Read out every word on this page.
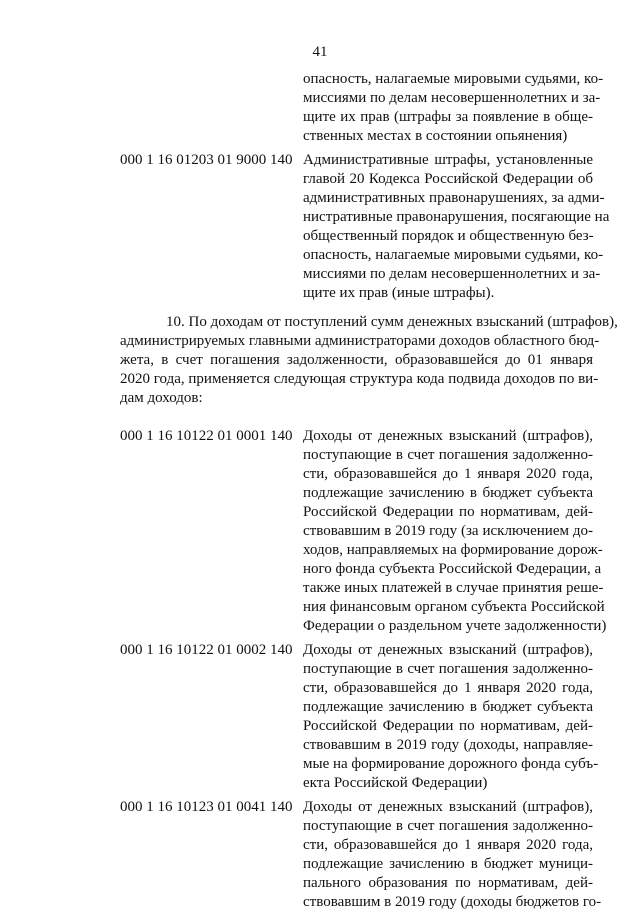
41
опасность, налагаемые мировыми судьями, ко-
миссиями по делам несовершеннолетних и за-
щите их прав (штрафы за появление в обще-
ственных местах в состоянии опьянения)
000 1 16 01203 01 9000 140 Административные штрафы, установленные
главой 20 Кодекса Российской Федерации об
административных правонарушениях, за адми-
нистративные правонарушения, посягающие на
общественный порядок и общественную без-
опасность, налагаемые мировыми судьями, ко-
миссиями по делам несовершеннолетних и за-
щите их прав (иные штрафы).
10. По доходам от поступлений сумм денежных взысканий (штрафов),
администрируемых главными администраторами доходов областного бюд-
жета, в счет погашения задолженности, образовавшейся до 01 января
2020 года, применяется следующая структура кода подвида доходов по ви-
дам доходов:
000 1 16 10122 01 0001 140 Доходы от денежных взысканий (штрафов),
поступающие в счет погашения задолженно-
сти, образовавшейся до 1 января 2020 года,
подлежащие зачислению в бюджет субъекта
Российской Федерации по нормативам, дей-
ствовавшим в 2019 году (за исключением до-
ходов, направляемых на формирование дорож-
ного фонда субъекта Российской Федерации, а
также иных платежей в случае принятия реше-
ния финансовым органом субъекта Российской
Федерации о раздельном учете задолженности)
000 1 16 10122 01 0002 140 Доходы от денежных взысканий (штрафов),
поступающие в счет погашения задолженно-
сти, образовавшейся до 1 января 2020 года,
подлежащие зачислению в бюджет субъекта
Российской Федерации по нормативам, дей-
ствовавшим в 2019 году (доходы, направляе-
мые на формирование дорожного фонда субъ-
екта Российской Федерации)
000 1 16 10123 01 0041 140 Доходы от денежных взысканий (штрафов),
поступающие в счет погашения задолженно-
сти, образовавшейся до 1 января 2020 года,
подлежащие зачислению в бюджет муници-
пального образования по нормативам, дей-
ствовавшим в 2019 году (доходы бюджетов го-
